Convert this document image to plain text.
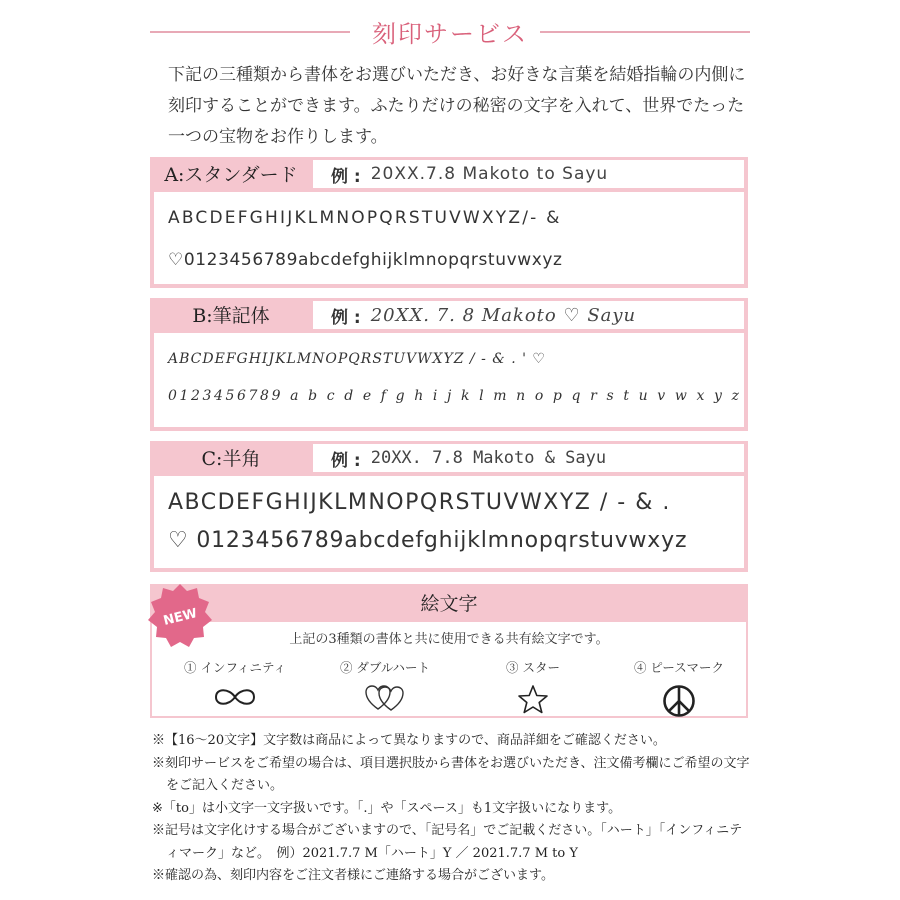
刻印サービス

下記の三種類から書体をお選びいただき、お好きな言葉を結婚指輪の内側に刻印することができます。ふたりだけの秘密の文字を入れて、世界でたった一つの宝物をお作りします。

A:スタンダード	例 : 20XX.7.8 Makoto to Sayu
ABCDEFGHIJKLMNOPQRSTUVWXYZ/- &
♡0123456789abcdefghijklmnopqrstuvwxyz
B:筆記体	例 : 20XX. 7. 8 Makoto ♡ Sayu
ABCDEFGHIJKLMNOPQRSTUVWXYZ / - & . ' ♡
0123456789 a b c d e f g h i j k l m n o p q r s t u v w x y z
C:半角	例 : 20XX. 7.8 Makoto & Sayu
ABCDEFGHIJKLMNOPQRSTUVWXYZ / - & .
♡ 0123456789abcdefghijklmnopqrstuvwxyz
絵文字
上記の3種類の書体と共に使用できる共有絵文字です。
① インフィニティ	② ダブルハート	③ スター	④ ピースマーク
NEW

※【16～20文字】文字数は商品によって異なりますので、商品詳細をご確認ください。

※刻印サービスをご希望の場合は、項目選択肢から書体をお選びいただき、注文備考欄にご希望の文字をご記入ください。

※「to」は小文字一文字扱いです。「.」や「スペース」も1文字扱いになります。

※記号は文字化けする場合がございますので、「記号名」でご記載ください。「ハート」「インフィニティマーク」など。　例）2021.7.7 M「ハート」Y ／ 2021.7.7 M to Y

※確認の為、刻印内容をご注文者様にご連絡する場合がございます。
